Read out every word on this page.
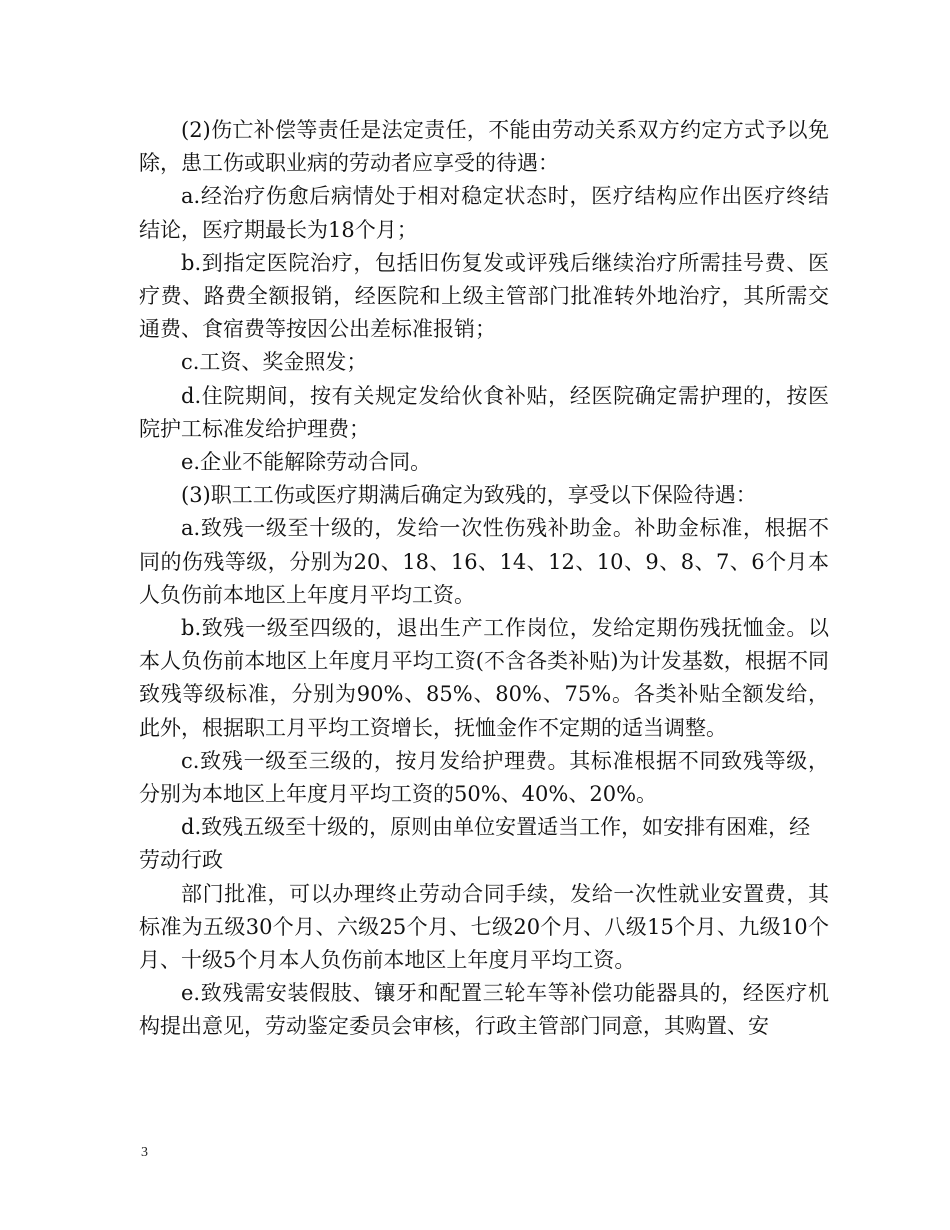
(2)伤亡补偿等责任是法定责任，不能由劳动关系双方约定方式予以免除，患工伤或职业病的劳动者应享受的待遇：

a.经治疗伤愈后病情处于相对稳定状态时，医疗结构应作出医疗终结结论，医疗期最长为18个月；

b.到指定医院治疗，包括旧伤复发或评残后继续治疗所需挂号费、医疗费、路费全额报销，经医院和上级主管部门批准转外地治疗，其所需交通费、食宿费等按因公出差标准报销；

c.工资、奖金照发；

d.住院期间，按有关规定发给伙食补贴，经医院确定需护理的，按医院护工标准发给护理费；

e.企业不能解除劳动合同。

(3)职工工伤或医疗期满后确定为致残的，享受以下保险待遇：

a.致残一级至十级的，发给一次性伤残补助金。补助金标准，根据不同的伤残等级，分别为20、18、16、14、12、10、9、8、7、6个月本人负伤前本地区上年度月平均工资。

b.致残一级至四级的，退出生产工作岗位，发给定期伤残抚恤金。以本人负伤前本地区上年度月平均工资(不含各类补贴)为计发基数，根据不同致残等级标准，分别为90%、85%、80%、75%。各类补贴全额发给，此外，根据职工月平均工资增长，抚恤金作不定期的适当调整。

c.致残一级至三级的，按月发给护理费。其标准根据不同致残等级，分别为本地区上年度月平均工资的50%、40%、20%。

d.致残五级至十级的，原则由单位安置适当工作，如安排有困难，经劳动行政

部门批准，可以办理终止劳动合同手续，发给一次性就业安置费，其标准为五级30个月、六级25个月、七级20个月、八级15个月、九级10个月、十级5个月本人负伤前本地区上年度月平均工资。

e.致残需安装假肢、镶牙和配置三轮车等补偿功能器具的，经医疗机构提出意见，劳动鉴定委员会审核，行政主管部门同意，其购置、安

3
